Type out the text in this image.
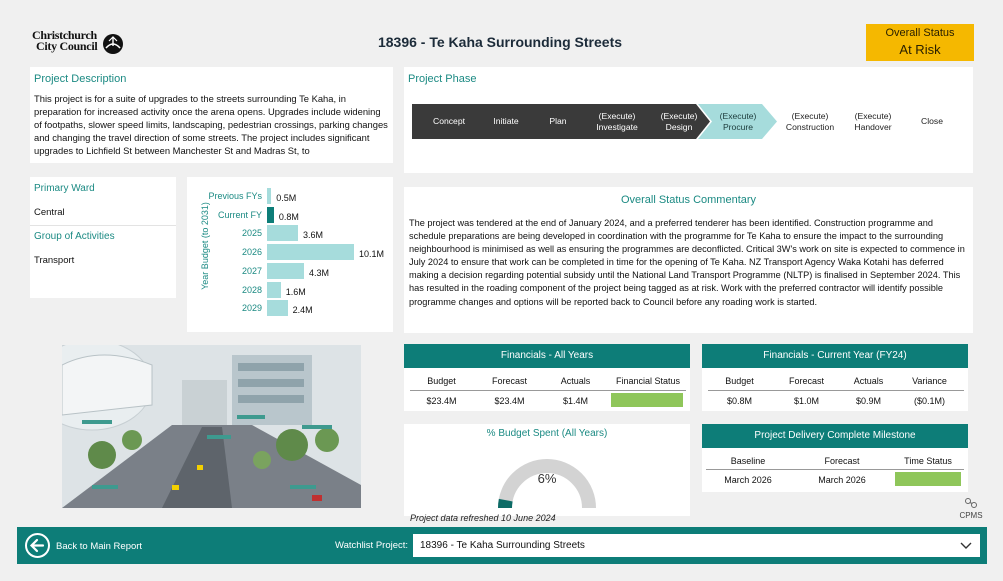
Christchurch
City Council	18396 - Te Kaha Surrounding Streets
Overall Status
At Risk
Project Description
This project is for a suite of upgrades to the streets surrounding Te Kaha, in preparation for increased activity once the arena opens. Upgrades include widening of footpaths, slower speed limits, landscaping, pedestrian crossings, parking changes and changing the travel direction of some streets. The project includes significant upgrades to Lichfield St between Manchester St and Madras St, to
Project Phase
Concept	Initiate	Plan
(Execute)
Investigate
(Execute)
Design
(Execute)
Procure
(Execute)
Construction
(Execute)
Handover
Close
Primary Ward
Central
Group of Activities
Transport	Year Budget (to 2031)
Previous FYs 0.5M
Current FY 0.8M
2025	3.6M
2026	10.1M
2027	4.3M
2028	1.6M
2029	2.4M
Overall Status Commentary
The project was tendered at the end of January 2024, and a preferred tenderer has been identified. Construction programme and schedule preparations are being developed in coordination with the programme for Te Kaha to ensure the impact to the surrounding neighbourhood is minimised as well as ensuring the programmes are deconflicted. Critical 3W's work on site is expected to commence in July 2024 to ensure that work can be completed in time for the opening of Te Kaha. NZ Transport Agency Waka Kotahi has deferred making a decision regarding potential subsidy until the National Land Transport Programme (NLTP) is finalised in September 2024. This has resulted in the roading component of the project being tagged as at risk. Work with the preferred contractor will identify possible programme changes and options will be reported back to Council before any roading work is started.
Financials - All Years
Budget	Forecast	Actuals	Financial Status
$23.4M	$23.4M	$1.4M
Financials - Current Year (FY24)
Budget	Forecast	Actuals	Variance
$0.8M	$1.0M	$0.9M	($0.1M)
% Budget Spent (All Years)
6%
Project Delivery Complete Milestone
Baseline	Forecast	Time Status
March 2026	March 2026
Project data refreshed 10 June 2024	CPMS
Back to Main Report	Watchlist Project:	18396 - Te Kaha Surrounding Streets
